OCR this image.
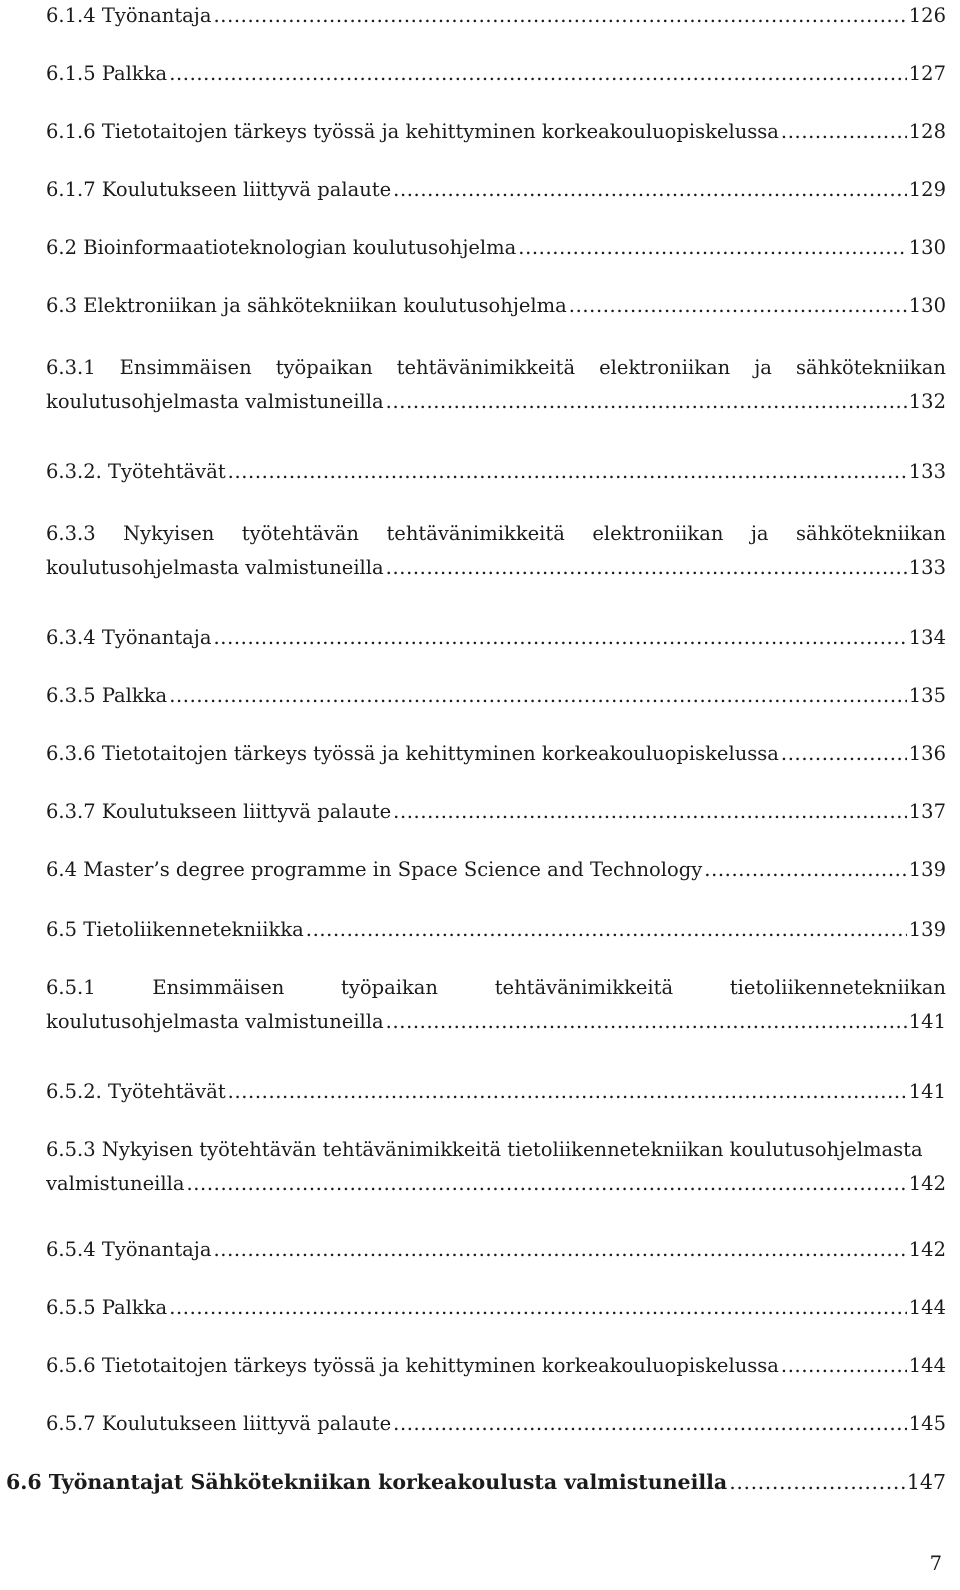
6.1.4 Työnantaja .....	126
6.1.5 Palkka .....	127
6.1.6 Tietotaitojen tärkeys työssä ja kehittyminen korkeakouluopiskelussa .....	128
6.1.7 Koulutukseen liittyvä palaute .....	129
6.2 Bioinformaatioteknologian koulutusohjelma .....	130
6.3 Elektroniikan ja sähkötekniikan koulutusohjelma .....	130
6.3.1 Ensimmäisen työpaikan tehtävänimikkeitä elektroniikan ja sähkötekniikan
koulutusohjelmasta valmistuneilla .....	132
6.3.2. Työtehtävät .....	133
6.3.3 Nykyisen työtehtävän tehtävänimikkeitä elektroniikan ja sähkötekniikan
koulutusohjelmasta valmistuneilla .....	133
6.3.4 Työnantaja .....	134
6.3.5 Palkka .....	135
6.3.6 Tietotaitojen tärkeys työssä ja kehittyminen korkeakouluopiskelussa .....	136
6.3.7 Koulutukseen liittyvä palaute .....	137
6.4 Master’s degree programme in Space Science and Technology .....	139
6.5 Tietoliikennetekniikka .....	139
6.5.1	Ensimmäisen	työpaikan	tehtävänimikkeitä	tietoliikennetekniikan
koulutusohjelmasta valmistuneilla .....	141
6.5.2. Työtehtävät .....	141
6.5.3 Nykyisen työtehtävän tehtävänimikkeitä tietoliikennetekniikan koulutusohjelmasta
valmistuneilla .....	142
6.5.4 Työnantaja .....	142
6.5.5 Palkka .....	144
6.5.6 Tietotaitojen tärkeys työssä ja kehittyminen korkeakouluopiskelussa .....	144
6.5.7 Koulutukseen liittyvä palaute .....	145
6.6 Työnantajat Sähkötekniikan korkeakoulusta valmistuneilla .....	147
7
